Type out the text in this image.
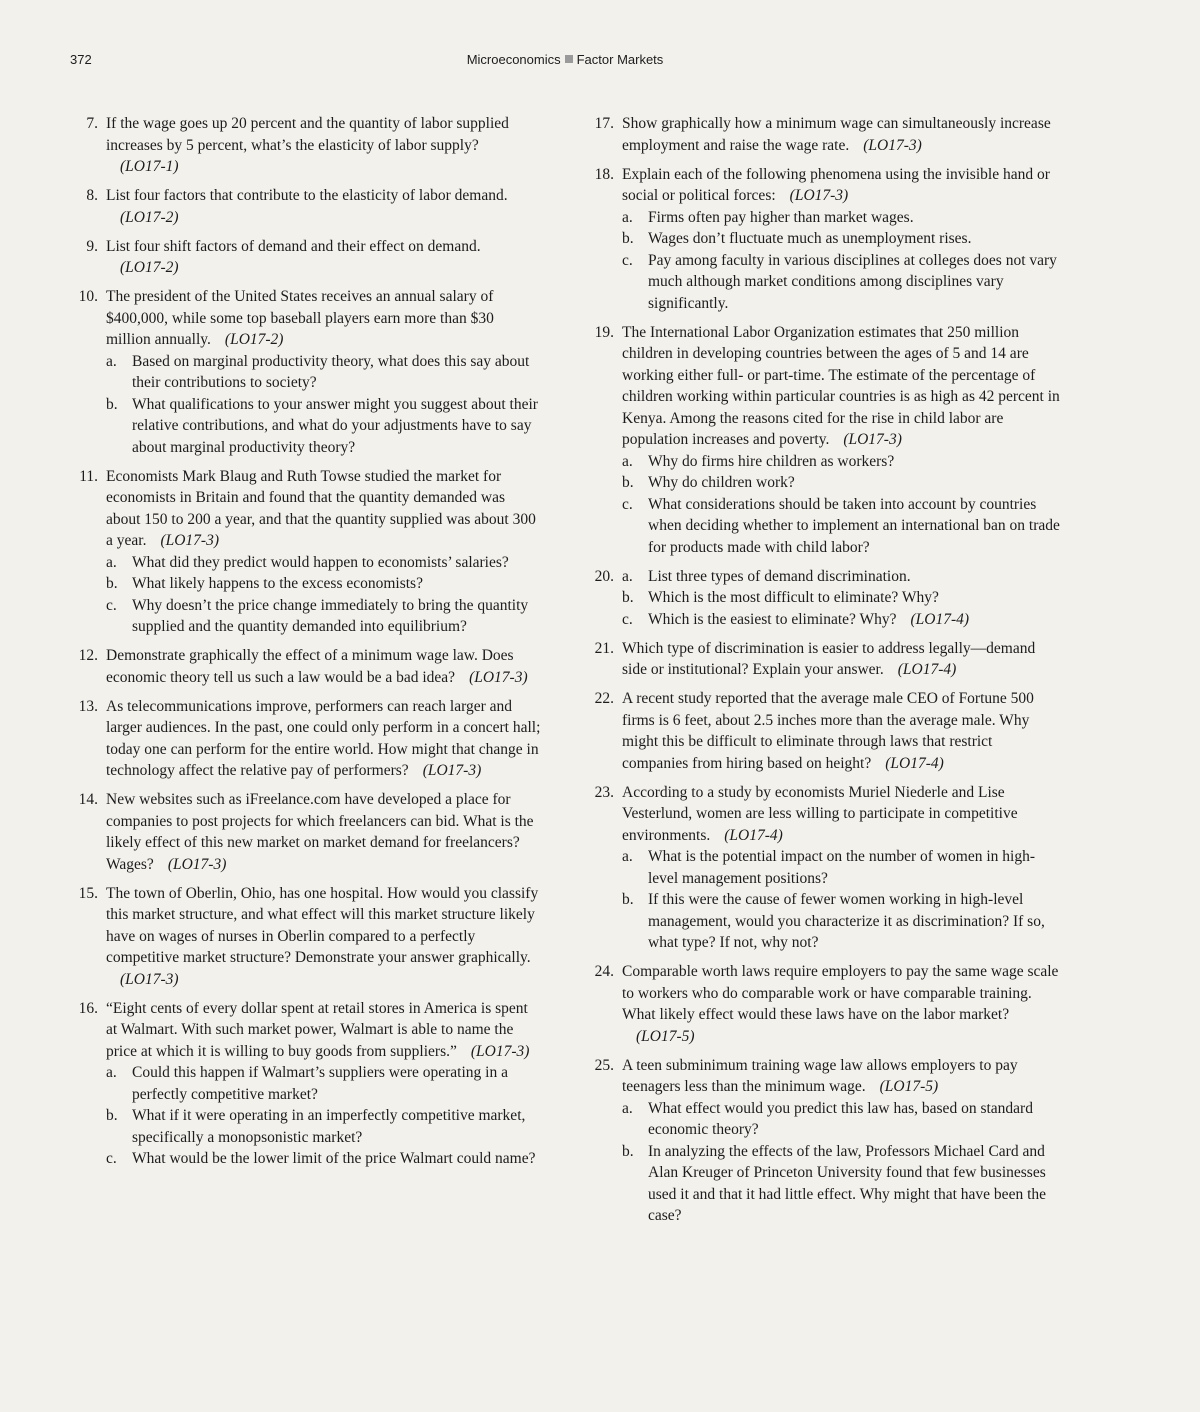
372	Microeconomics Factor Markets
7. If the wage goes up 20 percent and the quantity of labor supplied increases by 5 percent, what’s the elasticity of labor supply?(LO17-1)
8. List four factors that contribute to the elasticity of labor demand.(LO17-2)
9. List four shift factors of demand and their effect on demand.(LO17-2)
10. The president of the United States receives an annual salary of $400,000, while some top baseball players earn more than $30 million annually. (LO17-2)
a. Based on marginal productivity theory, what does this say about their contributions to society?
b. What qualifications to your answer might you suggest about their relative contributions, and what do your adjustments have to say about marginal productivity theory?
11. Economists Mark Blaug and Ruth Towse studied the market for economists in Britain and found that the quantity demanded was about 150 to 200 a year, and that the quantity supplied was about 300 a year. (LO17-3)
a. What did they predict would happen to economists’ salaries?
b. What likely happens to the excess economists?
c. Why doesn’t the price change immediately to bring the quantity supplied and the quantity demanded into equilibrium?
12. Demonstrate graphically the effect of a minimum wage law. Does economic theory tell us such a law would be a bad idea? (LO17-3)
13. As telecommunications improve, performers can reach larger and larger audiences. In the past, one could only perform in a concert hall; today one can perform for the entire world. How might that change in technology affect the relative pay of performers? (LO17-3)
14. New websites such as iFreelance.com have developed a place for companies to post projects for which freelancers can bid. What is the likely effect of this new market on market demand for freelancers? Wages? (LO17-3)
15. The town of Oberlin, Ohio, has one hospital. How would you classify this market structure, and what effect will this market structure likely have on wages of nurses in Oberlin compared to a perfectly competitive market structure? Demonstrate your answer graphically.(LO17-3)
16. “Eight cents of every dollar spent at retail stores in America is spent at Walmart. With such market power, Walmart is able to name the price at which it is willing to buy goods from suppliers.” (LO17-3)
a. Could this happen if Walmart’s suppliers were operating in a perfectly competitive market?
b. What if it were operating in an imperfectly competitive market, specifically a monopsonistic market?
c. What would be the lower limit of the price Walmart could name?
17. Show graphically how a minimum wage can simultaneously increase employment and raise the wage rate. (LO17-3)
18. Explain each of the following phenomena using the invisible hand or social or political forces: (LO17-3)
a. Firms often pay higher than market wages.
b. Wages don’t fluctuate much as unemployment rises.
c. Pay among faculty in various disciplines at colleges does not vary much although market conditions among disciplines vary significantly.
19. The International Labor Organization estimates that 250 million children in developing countries between the ages of 5 and 14 are working either full- or part-time. The estimate of the percentage of children working within particular countries is as high as 42 percent in Kenya. Among the reasons cited for the rise in child labor are population increases and poverty. (LO17-3)
a. Why do firms hire children as workers?
b. Why do children work?
c. What considerations should be taken into account by countries when deciding whether to implement an international ban on trade for products made with child labor?
20. a. List three types of demand discrimination.
b. Which is the most difficult to eliminate? Why?
c. Which is the easiest to eliminate? Why? (LO17-4)
21. Which type of discrimination is easier to address legally—demand side or institutional? Explain your answer. (LO17-4)
22. A recent study reported that the average male CEO of Fortune 500 firms is 6 feet, about 2.5 inches more than the average male. Why might this be difficult to eliminate through laws that restrict companies from hiring based on height? (LO17-4)
23. According to a study by economists Muriel Niederle and Lise Vesterlund, women are less willing to participate in competitive environments. (LO17-4)
a. What is the potential impact on the number of women in high-level management positions?
b. If this were the cause of fewer women working in high-level management, would you characterize it as discrimination? If so, what type? If not, why not?
24. Comparable worth laws require employers to pay the same wage scale to workers who do comparable work or have comparable training. What likely effect would these laws have on the labor market?(LO17-5)
25. A teen subminimum training wage law allows employers to pay teenagers less than the minimum wage. (LO17-5)
a. What effect would you predict this law has, based on standard economic theory?
b. In analyzing the effects of the law, Professors Michael Card and Alan Kreuger of Princeton University found that few businesses used it and that it had little effect. Why might that have been the case?
